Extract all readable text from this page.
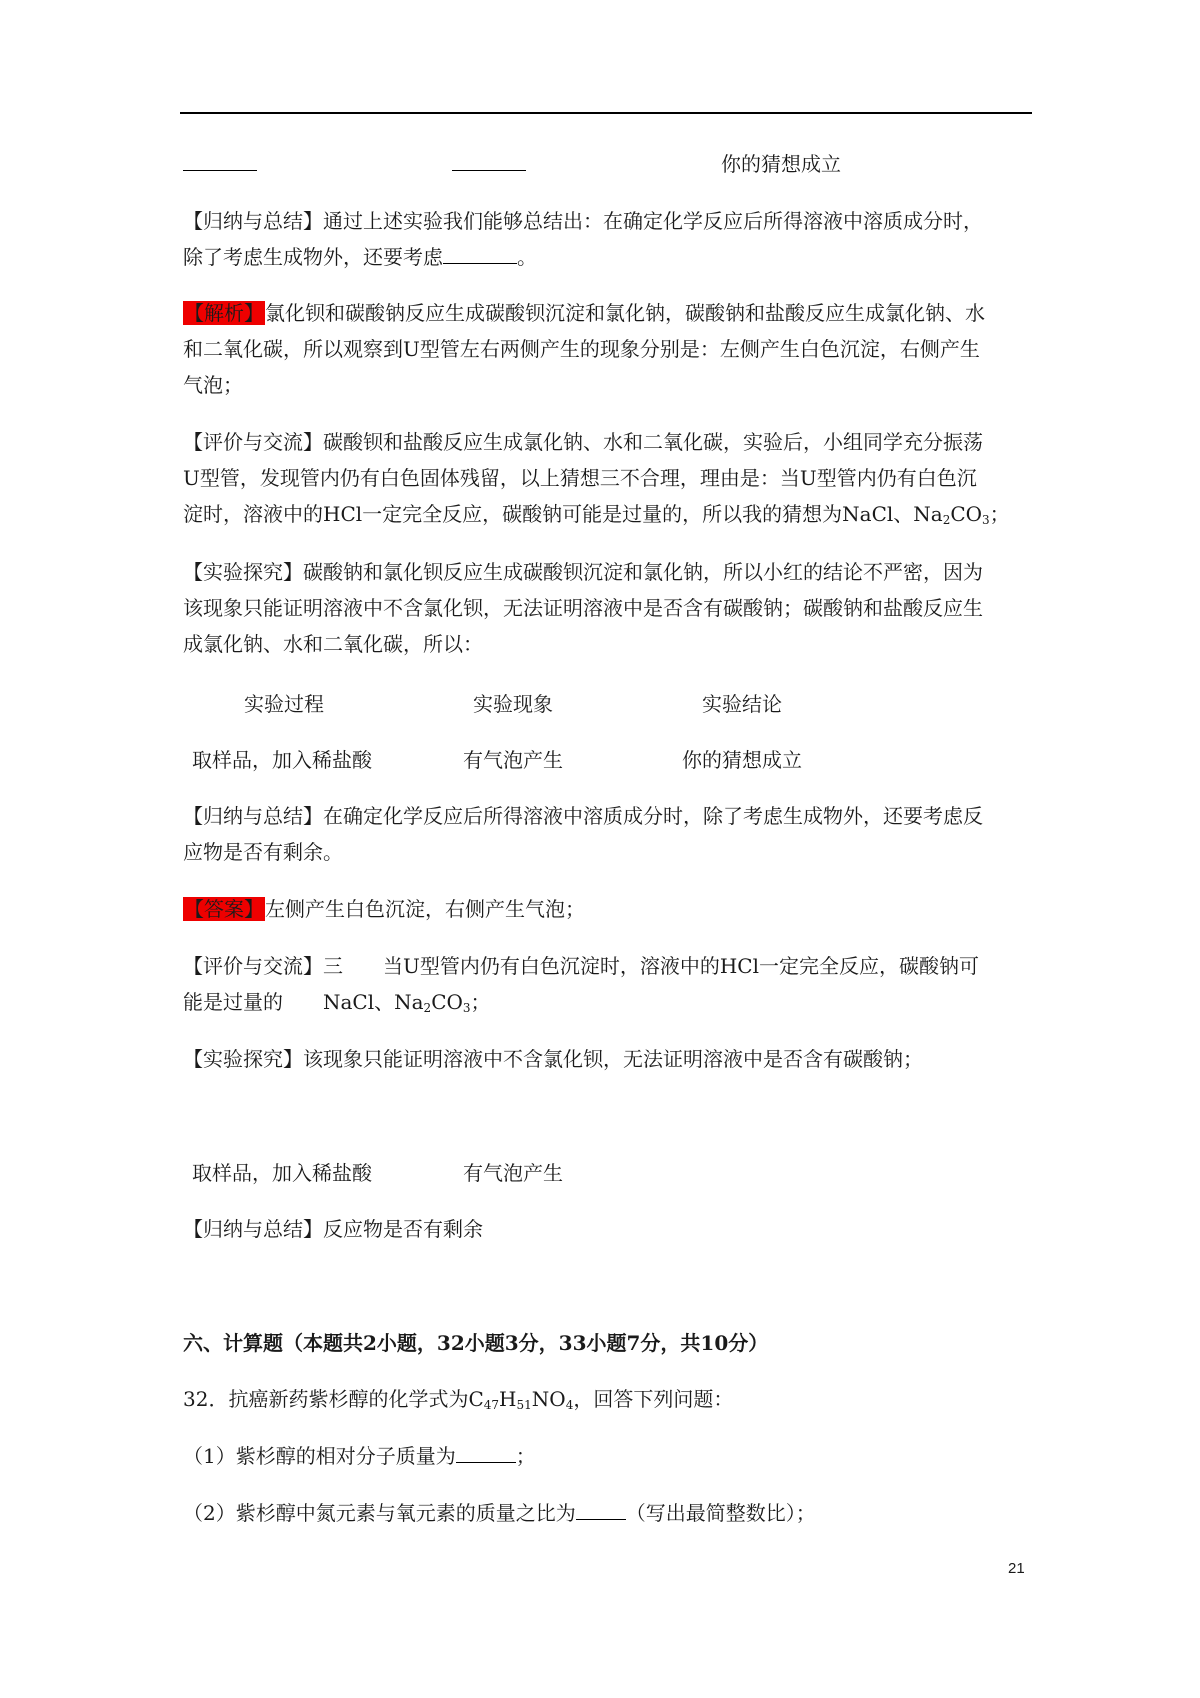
你的猜想成立
【归纳与总结】通过上述实验我们能够总结出：在确定化学反应后所得溶液中溶质成分时，
除了考虑生成物外，还要考虑	。
【解析】氯化钡和碳酸钠反应生成碳酸钡沉淀和氯化钠，碳酸钠和盐酸反应生成氯化钠、水
和二氧化碳，所以观察到U型管左右两侧产生的现象分别是：左侧产生白色沉淀，右侧产生
气泡；
【评价与交流】碳酸钡和盐酸反应生成氯化钠、水和二氧化碳，实验后，小组同学充分振荡
U型管，发现管内仍有白色固体残留，以上猜想三不合理，理由是：当U型管内仍有白色沉
淀时，溶液中的HCl一定完全反应，碳酸钠可能是过量的，所以我的猜想为NaCl、$Na_2CO_3$；
【实验探究】碳酸钠和氯化钡反应生成碳酸钡沉淀和氯化钠，所以小红的结论不严密，因为
该现象只能证明溶液中不含氯化钡，无法证明溶液中是否含有碳酸钠；碳酸钠和盐酸反应生
成氯化钠、水和二氧化碳，所以：
实验过程	实验现象	实验结论
取样品，加入稀盐酸	有气泡产生	你的猜想成立
【归纳与总结】在确定化学反应后所得溶液中溶质成分时，除了考虑生成物外，还要考虑反
应物是否有剩余。
【答案】左侧产生白色沉淀，右侧产生气泡；
【评价与交流】三　　当U型管内仍有白色沉淀时，溶液中的HCl一定完全反应，碳酸钠可
能是过量的　　NaCl、$Na_2CO_3$；
【实验探究】该现象只能证明溶液中不含氯化钡，无法证明溶液中是否含有碳酸钠；
取样品，加入稀盐酸	有气泡产生
【归纳与总结】反应物是否有剩余
六、计算题（本题共2小题，32小题3分，33小题7分，共10分）
32．抗癌新药紫杉醇的化学式为$C_{47}H_{51}NO_4$，回答下列问题：
（1）紫杉醇的相对分子质量为	；
（2）紫杉醇中氮元素与氧元素的质量之比为	（写出最简整数比）；
21
